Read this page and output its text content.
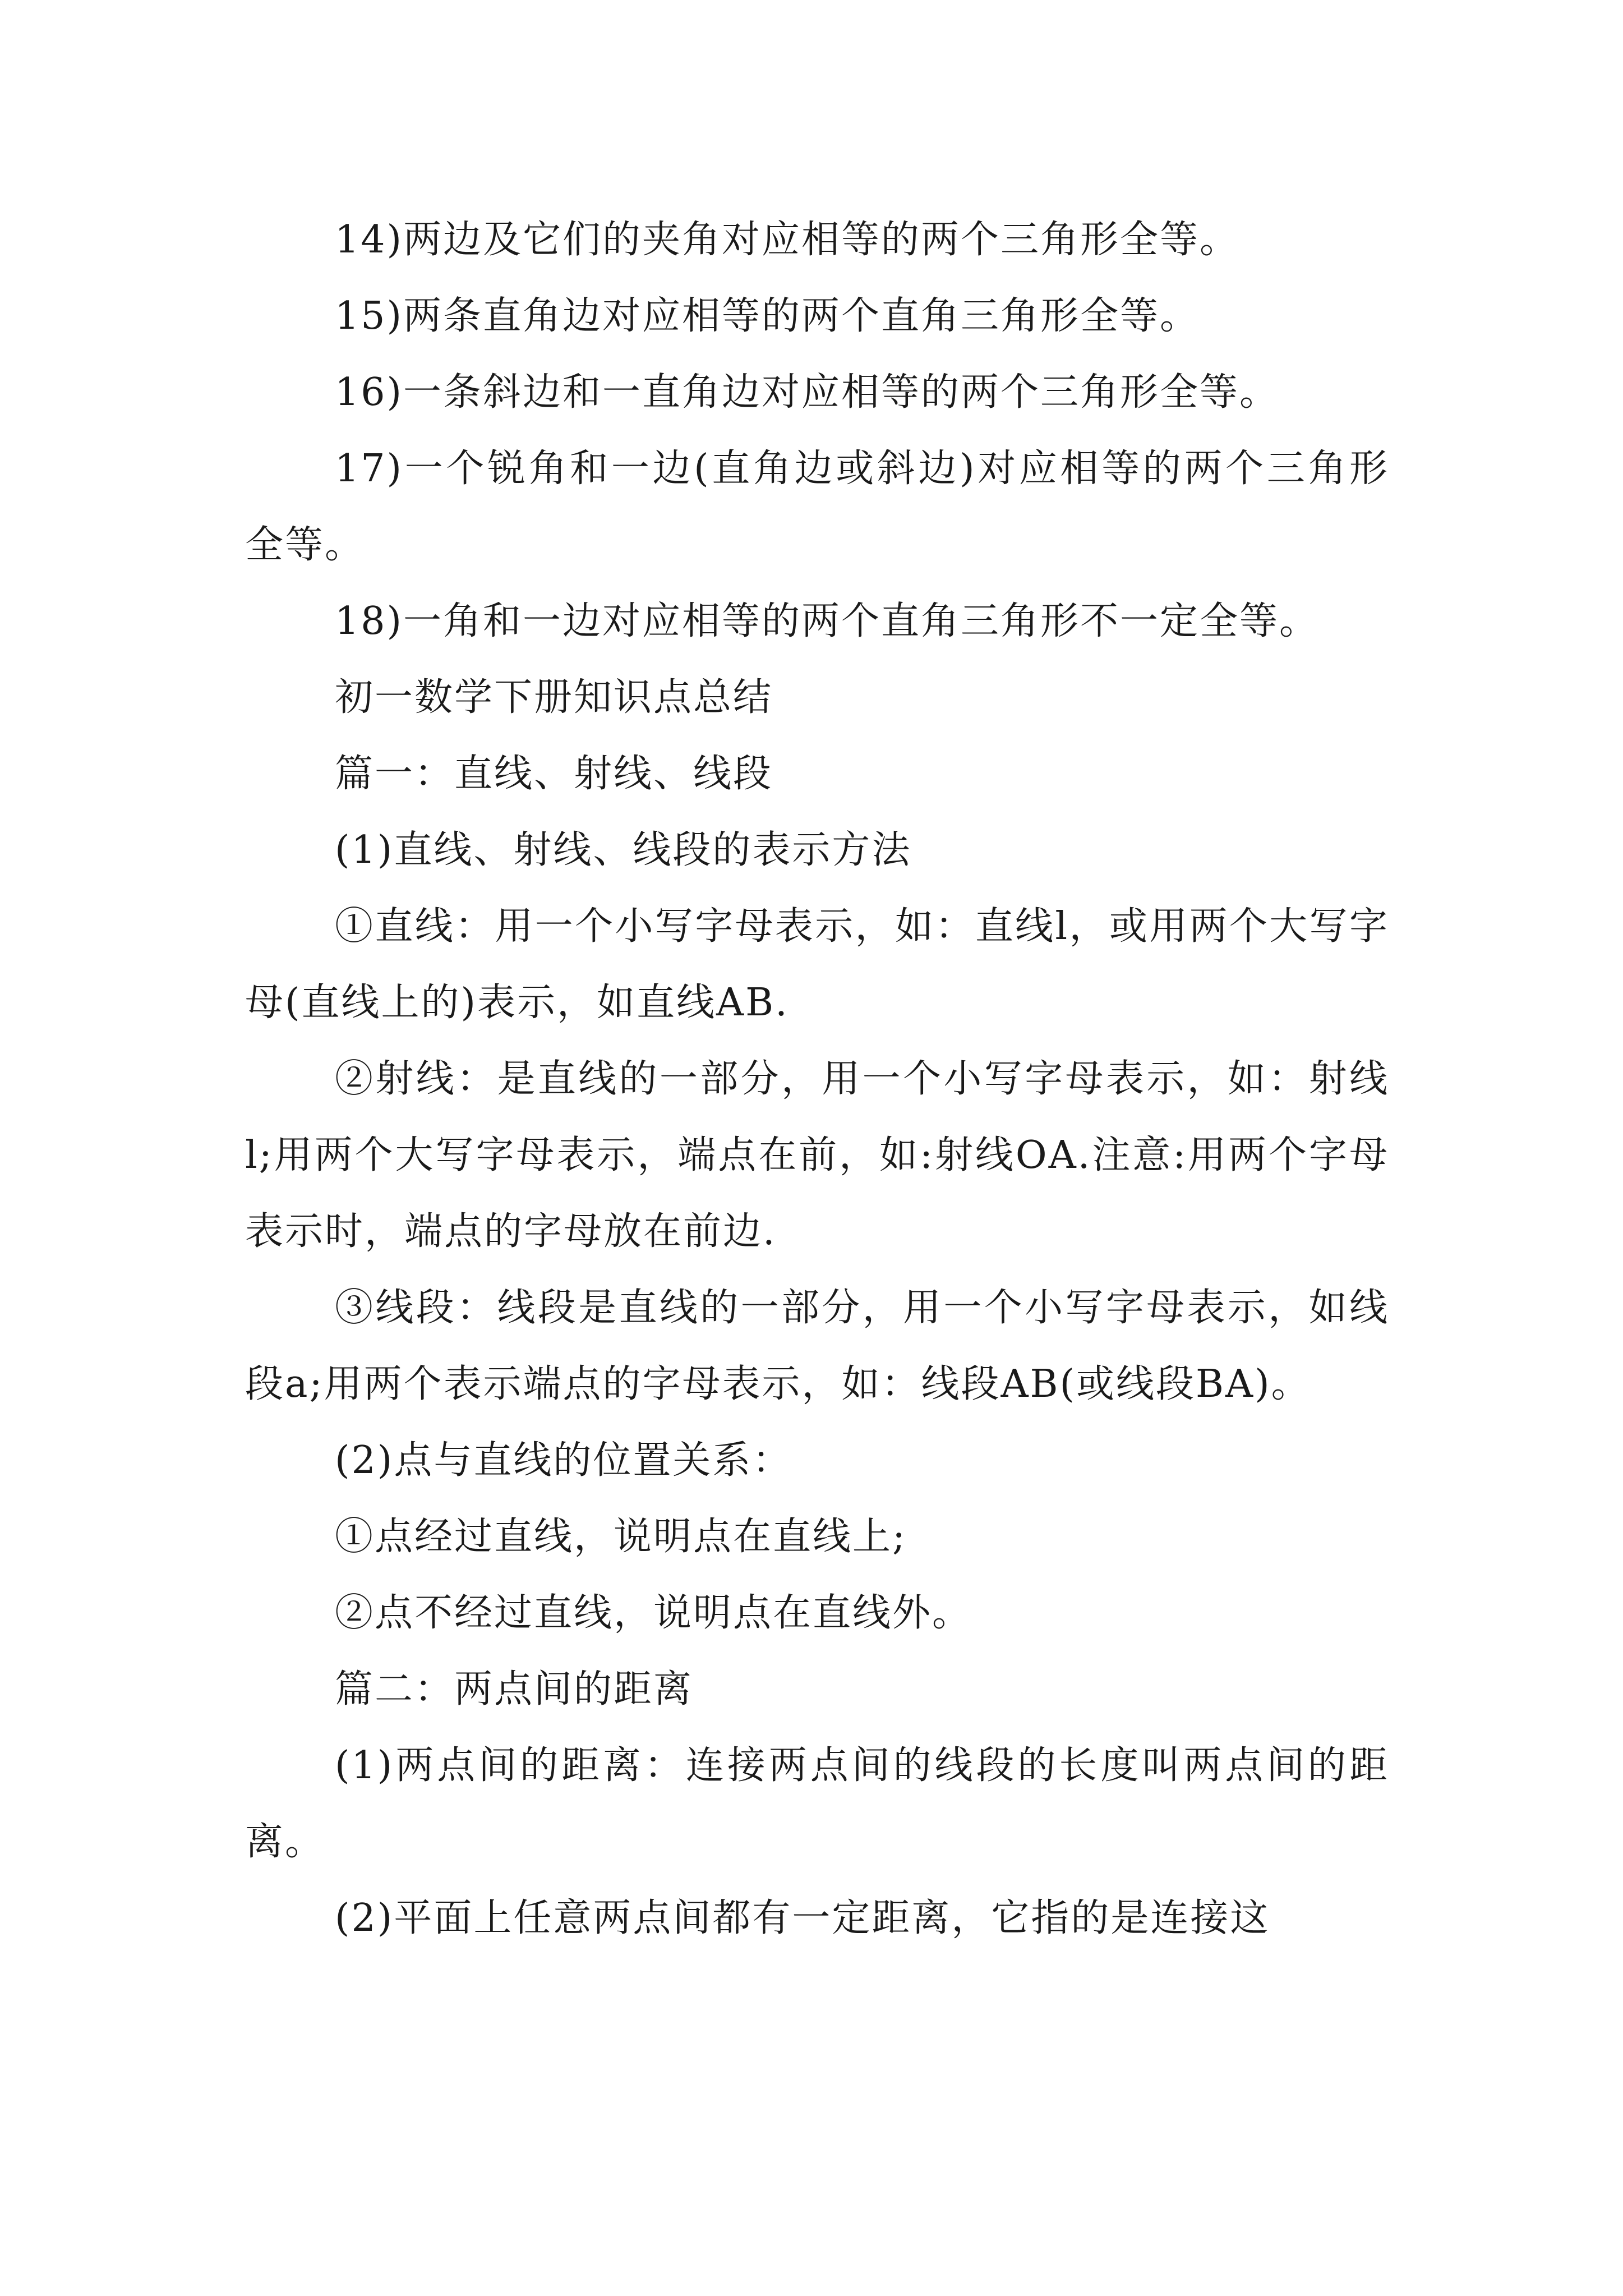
14)两边及它们的夹角对应相等的两个三角形全等。

15)两条直角边对应相等的两个直角三角形全等。

16)一条斜边和一直角边对应相等的两个三角形全等。

17)一个锐角和一边(直角边或斜边)对应相等的两个三角形全等。

18)一角和一边对应相等的两个直角三角形不一定全等。

初一数学下册知识点总结

篇一：直线、射线、线段

(1)直线、射线、线段的表示方法

①直线：用一个小写字母表示，如：直线l，或用两个大写字母(直线上的)表示，如直线AB.

②射线：是直线的一部分，用一个小写字母表示，如：射线l;用两个大写字母表示，端点在前，如:射线OA.注意:用两个字母表示时，端点的字母放在前边.

③线段：线段是直线的一部分，用一个小写字母表示，如线段a;用两个表示端点的字母表示，如：线段AB(或线段BA)。

(2)点与直线的位置关系：

①点经过直线，说明点在直线上;

②点不经过直线，说明点在直线外。

篇二：两点间的距离

(1)两点间的距离：连接两点间的线段的长度叫两点间的距离。

(2)平面上任意两点间都有一定距离，它指的是连接这
